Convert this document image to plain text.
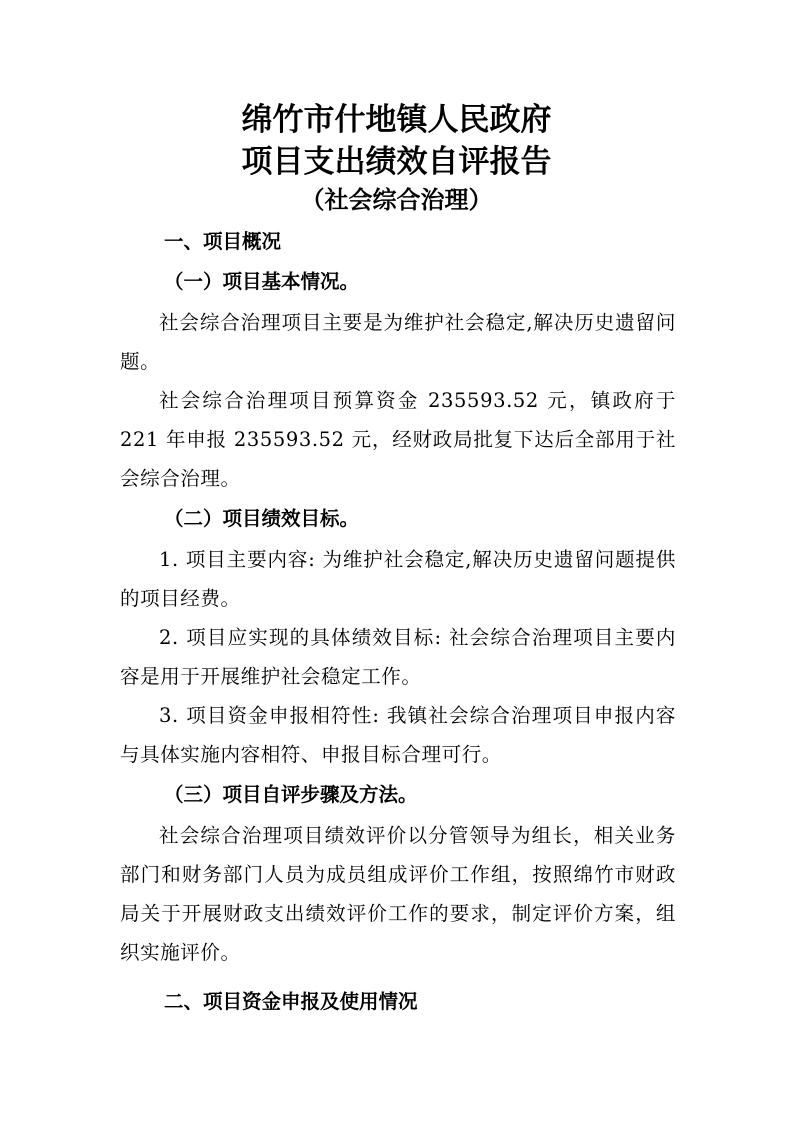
绵竹市什地镇人民政府
项目支出绩效自评报告
（社会综合治理）

一、项目概况

（一）项目基本情况。

社会综合治理项目主要是为维护社会稳定,解决历史遗留问题。

社会综合治理项目预算资金 235593.52 元，镇政府于221 年申报 235593.52 元，经财政局批复下达后全部用于社会综合治理。

（二）项目绩效目标。

1. 项目主要内容: 为维护社会稳定,解决历史遗留问题提供的项目经费。

2. 项目应实现的具体绩效目标: 社会综合治理项目主要内容是用于开展维护社会稳定工作。

3. 项目资金申报相符性: 我镇社会综合治理项目申报内容与具体实施内容相符、申报目标合理可行。

（三）项目自评步骤及方法。

社会综合治理项目绩效评价以分管领导为组长，相关业务部门和财务部门人员为成员组成评价工作组，按照绵竹市财政局关于开展财政支出绩效评价工作的要求，制定评价方案，组织实施评价。

二、项目资金申报及使用情况
